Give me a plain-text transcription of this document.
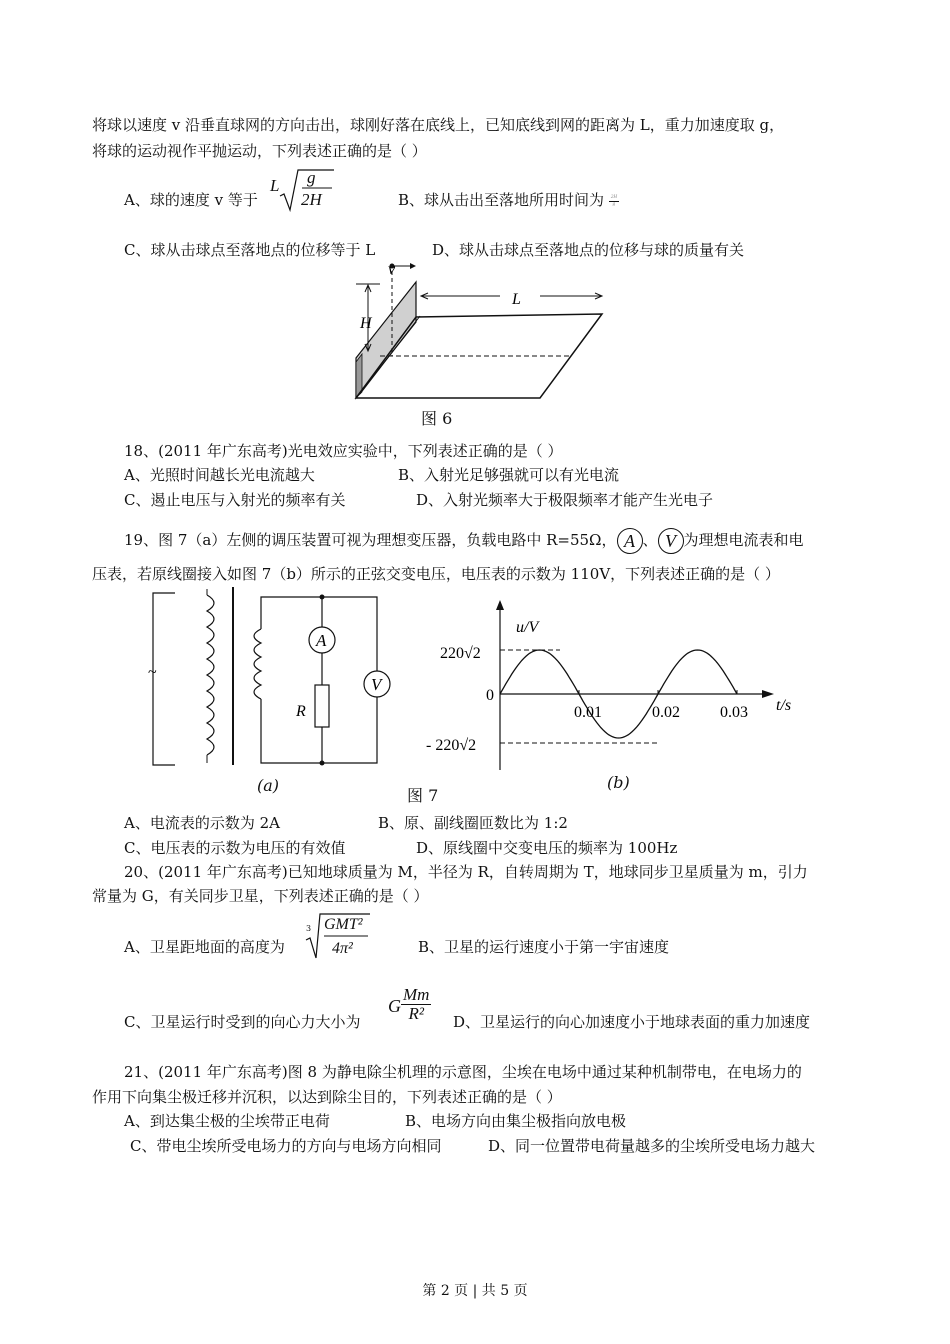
将球以速度 v 沿垂直球网的方向击出，球刚好落在底线上，已知底线到网的距离为 L，重力加速度取 g，
将球的运动视作平抛运动，下列表述正确的是（ ）
A、球的速度 v 等于
L g
2H	B、球从击出至落地所用时间为 $\frac{2H}{g}$
C、球从击球点至落地点的位移等于 L	D、球从击球点至落地点的位移与球的质量有关
v
H
L
图 6
18、(2011 年广东高考)光电效应实验中，下列表述正确的是（ ）
A、光照时间越长光电流越大	B、入射光足够强就可以有光电流
C、遏止电压与入射光的频率有关	D、入射光频率大于极限频率才能产生光电子
19、图 7（a）左侧的调压装置可视为理想变压器，负载电路中 R=55Ω， A 、 V 为理想电流表和电
压表，若原线圈接入如图 7（b）所示的正弦交变电压，电压表的示数为 110V，下列表述正确的是（ ）
~
A
V
R
(a)
图 7
(b)
u/V
t/s
220√2
0
- 220√2
0.01	0.02	0.03
A、电流表的示数为 2A	B、原、副线圈匝数比为 1:2
C、电压表的示数为电压的有效值	D、原线圈中交变电压的频率为 100Hz
20、(2011 年广东高考)已知地球质量为 M，半径为 R，自转周期为 T，地球同步卫星质量为 m，引力
常量为 G，有关同步卫星，下列表述正确的是（ ）
A、卫星距地面的高度为
3 GMT²
4π²	B、卫星的运行速度小于第一宇宙速度
C、卫星运行时受到的向心力大小为
G $\frac{Mm}{\text{R²}}$ D、卫星运行的向心加速度小于地球表面的重力加速度
21、(2011 年广东高考)图 8 为静电除尘机理的示意图，尘埃在电场中通过某种机制带电，在电场力的
作用下向集尘极迁移并沉积，以达到除尘目的，下列表述正确的是（ ）
A、到达集尘极的尘埃带正电荷	B、电场方向由集尘极指向放电极
C、带电尘埃所受电场力的方向与电场方向相同	D、同一位置带电荷量越多的尘埃所受电场力越大
第 2 页 | 共 5 页
